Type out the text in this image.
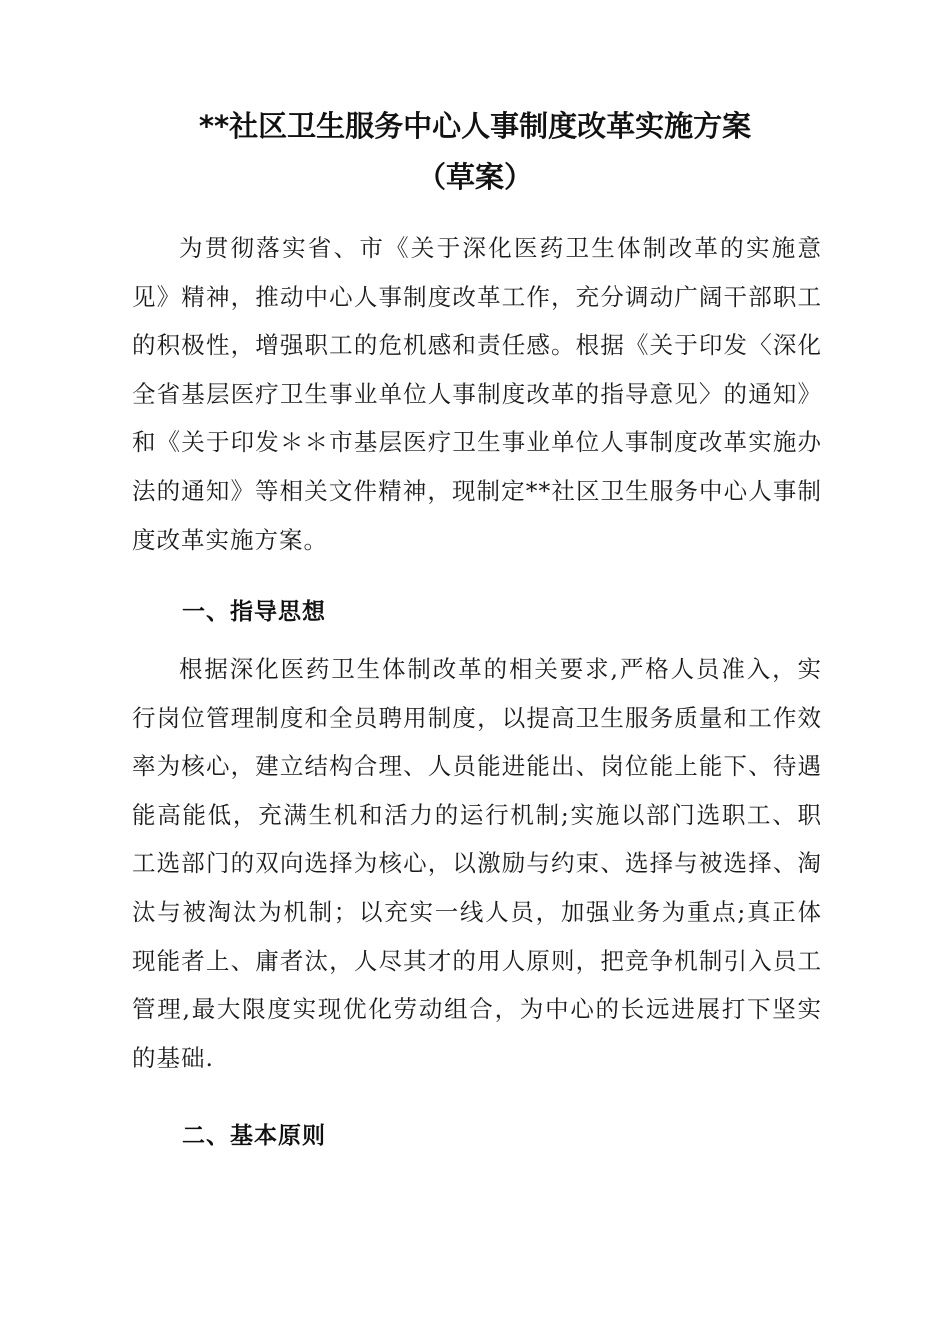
**社区卫生服务中心人事制度改革实施方案
（草案）

为贯彻落实省、市《关于深化医药卫生体制改革的实施意见》精神，推动中心人事制度改革工作，充分调动广阔干部职工的积极性，增强职工的危机感和责任感。根据《关于印发〈深化全省基层医疗卫生事业单位人事制度改革的指导意见〉的通知》和《关于印发＊＊市基层医疗卫生事业单位人事制度改革实施办法的通知》等相关文件精神，现制定**社区卫生服务中心人事制度改革实施方案。

一、指导思想

根据深化医药卫生体制改革的相关要求,严格人员准入，实行岗位管理制度和全员聘用制度，以提高卫生服务质量和工作效率为核心，建立结构合理、人员能进能出、岗位能上能下、待遇能高能低，充满生机和活力的运行机制;实施以部门选职工、职工选部门的双向选择为核心，以激励与约束、选择与被选择、淘汰与被淘汰为机制；以充实一线人员，加强业务为重点;真正体现能者上、庸者汰，人尽其才的用人原则，把竞争机制引入员工管理,最大限度实现优化劳动组合，为中心的长远进展打下坚实的基础.

二、基本原则
